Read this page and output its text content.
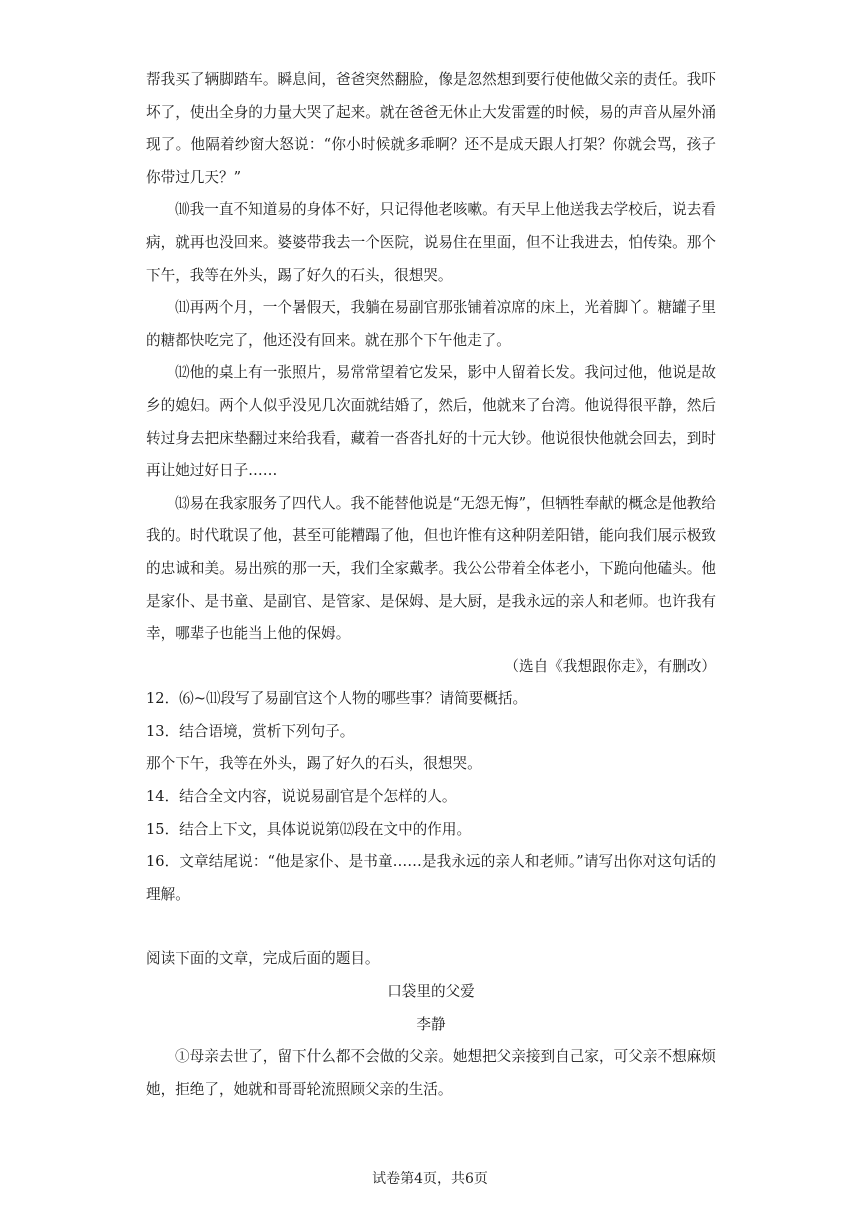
帮我买了辆脚踏车。瞬息间，爸爸突然翻脸，像是忽然想到要行使他做父亲的责任。我吓坏了，使出全身的力量大哭了起来。就在爸爸无休止大发雷霆的时候，易的声音从屋外涌现了。他隔着纱窗大怒说：“你小时候就多乖啊？还不是成天跟人打架？你就会骂，孩子你带过几天？”

⑽我一直不知道易的身体不好，只记得他老咳嗽。有天早上他送我去学校后，说去看病，就再也没回来。婆婆带我去一个医院，说易住在里面，但不让我进去，怕传染。那个下午，我等在外头，踢了好久的石头，很想哭。

⑾再两个月，一个暑假天，我躺在易副官那张铺着凉席的床上，光着脚丫。糖罐子里的糖都快吃完了，他还没有回来。就在那个下午他走了。

⑿他的桌上有一张照片，易常常望着它发呆，影中人留着长发。我问过他，他说是故乡的媳妇。两个人似乎没见几次面就结婚了，然后，他就来了台湾。他说得很平静，然后转过身去把床垫翻过来给我看，藏着一沓沓扎好的十元大钞。他说很快他就会回去，到时再让她过好日子……

⒀易在我家服务了四代人。我不能替他说是“无怨无悔”，但牺牲奉献的概念是他教给我的。时代耽误了他，甚至可能糟蹋了他，但也许惟有这种阴差阳错，能向我们展示极致的忠诚和美。易出殡的那一天，我们全家戴孝。我公公带着全体老小，下跪向他磕头。他是家仆、是书童、是副官、是管家、是保姆、是大厨，是我永远的亲人和老师。也许我有幸，哪辈子也能当上他的保姆。

（选自《我想跟你走》，有删改）

12．⑹~⑾段写了易副官这个人物的哪些事？请简要概括。

13．结合语境，赏析下列句子。

那个下午，我等在外头，踢了好久的石头，很想哭。

14．结合全文内容，说说易副官是个怎样的人。

15．结合上下文，具体说说第⑿段在文中的作用。

16．文章结尾说：“他是家仆、是书童……是我永远的亲人和老师。”请写出你对这句话的理解。

阅读下面的文章，完成后面的题目。

口袋里的父爱

李静

①母亲去世了，留下什么都不会做的父亲。她想把父亲接到自己家，可父亲不想麻烦她，拒绝了，她就和哥哥轮流照顾父亲的生活。

试卷第4页，共6页
